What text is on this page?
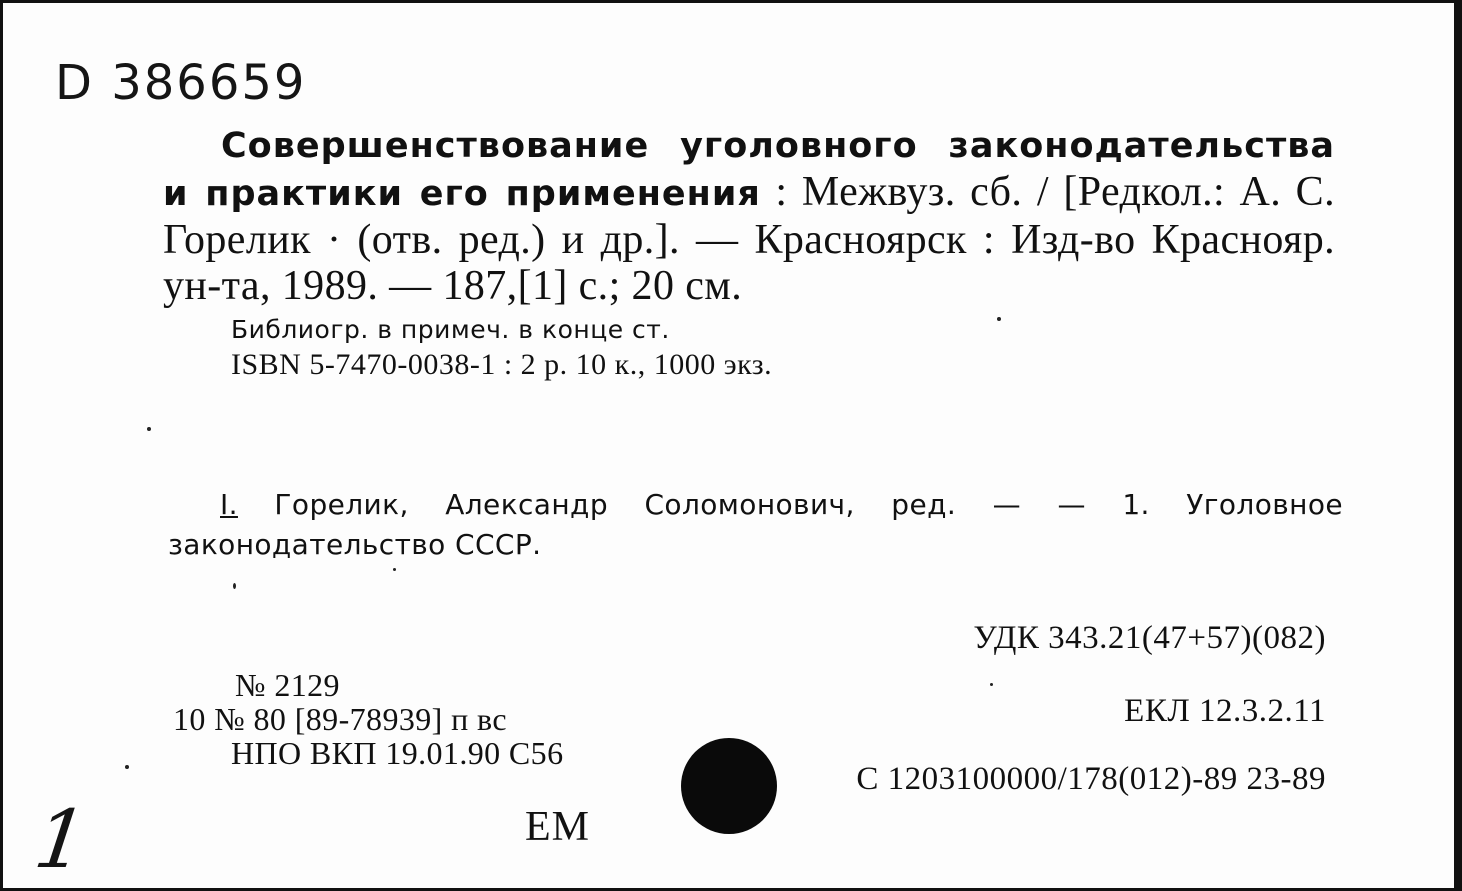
D 386659
Совершенствование уголовного законодательства и практики его применения : Межвуз. сб. / [Редкол.: А. С. Горелик · (отв. ред.) и др.]. — Красноярск : Изд-во Краснояр. ун-та, 1989. — 187,[1] с.; 20 см.
Библиогр. в примеч. в конце ст.
ISBN 5-7470-0038-1 : 2 р. 10 к., 1000 экз.
I. Горелик, Александр Соломонович, ред. — — 1. Уголовное законодательство СССР.
УДК 343.21(47+57)(082)
ЕКЛ 12.3.2.11
С 1203100000/178(012)-89 23-89
№ 2129
10 № 80 [89-78939] п вс
НПО ВКП 19.01.90 С56
ЕМ
1
